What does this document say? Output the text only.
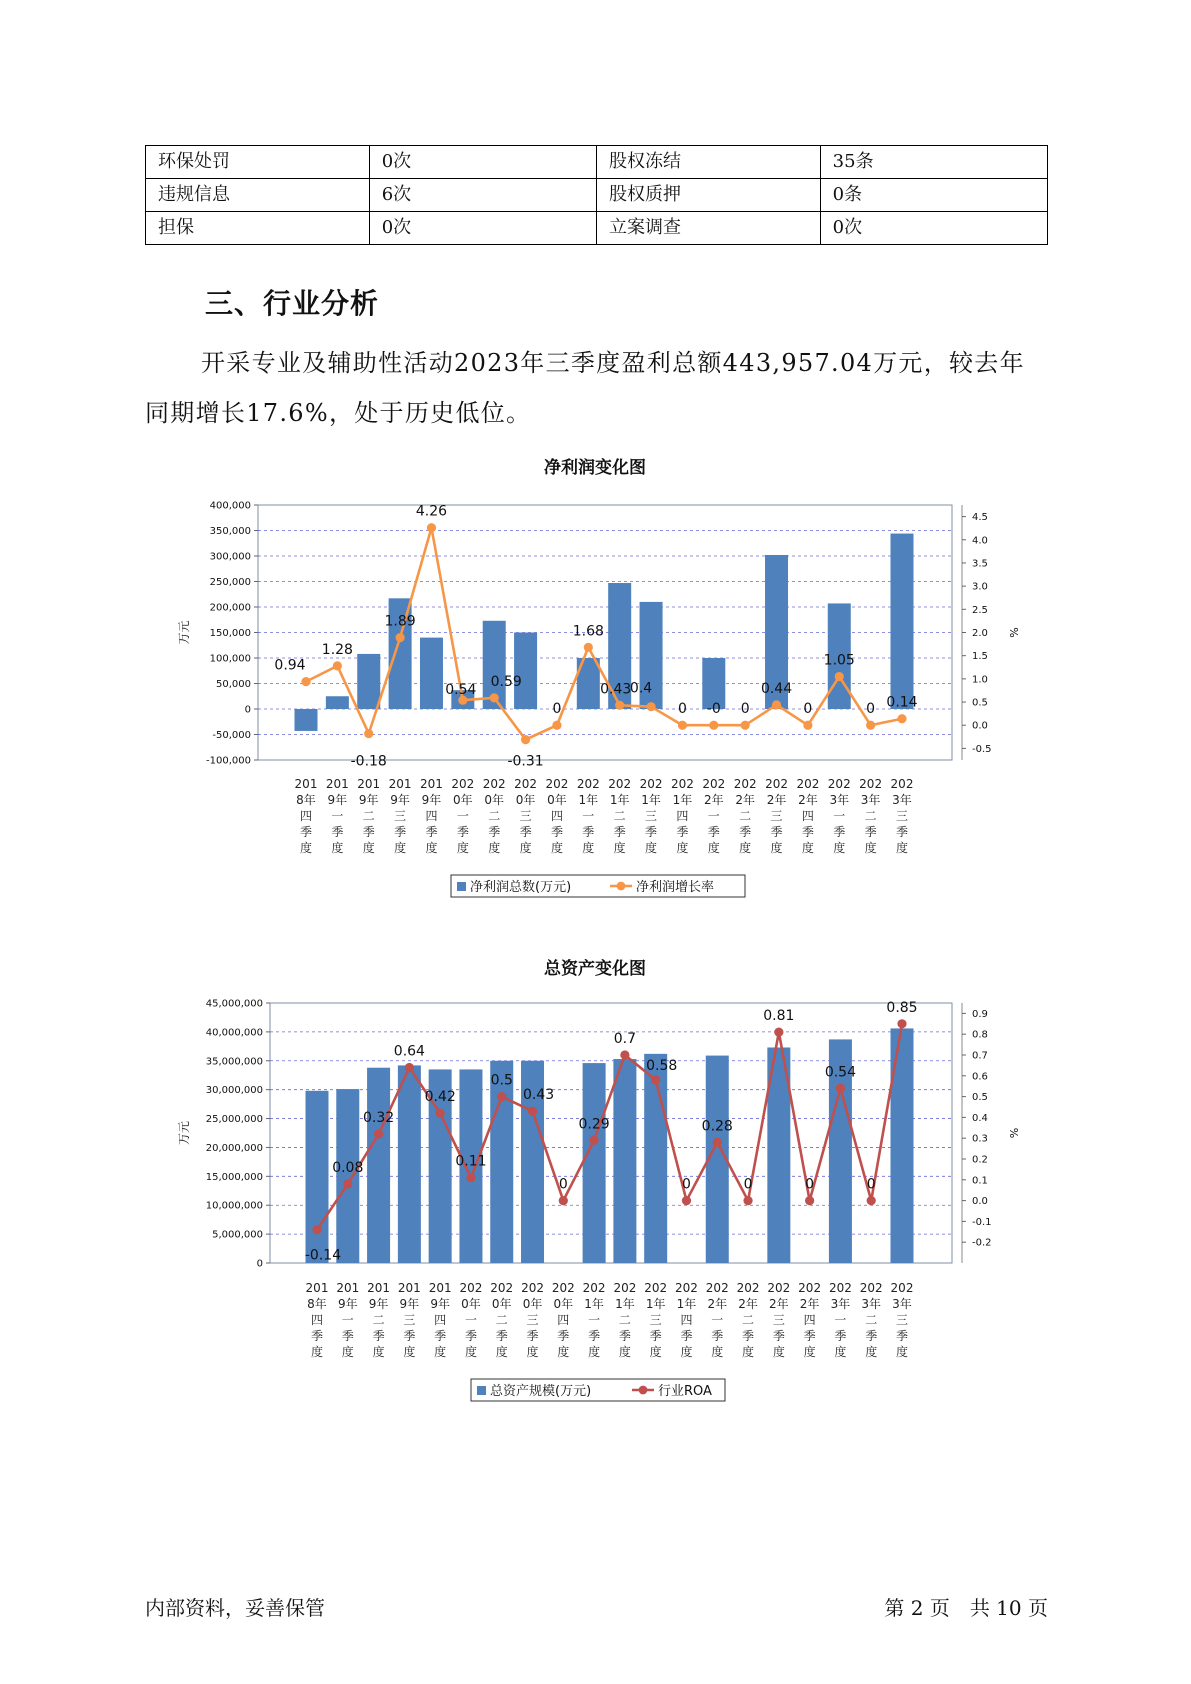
环保处罚	0次	股权冻结	35条
违规信息	6次	股权质押	0条
担保	0次	立案调查	0次
三、行业分析
开采专业及辅助性活动2023年三季度盈利总额443,957.04万元，较去年同期增长17.6%，处于历史低位。
净利润变化图
400,000
350,000
300,000
250,000
200,000
150,000
100,000
50,000
0
-50,000
-100,000
4.5
4.0
3.5
3.0
2.5
2.0
1.5
1.0
0.5
0.0
-0.5
万元	%
0.94
1.28
-0.18
1.89
4.26
0.54
0.59
-0.31
0
1.68
0.43
0.4
0 -0 0
0.44
0
1.05
0 0.14
201
8年
四
季
度
201
9年
一
季
度
201
9年
二
季
度
201
9年
三
季
度
201
9年
四
季
度
202
0年
一
季
度
202
0年
二
季
度
202
0年
三
季
度
202
0年
四
季
度
202
1年
一
季
度
202
1年
二
季
度
202
1年
三
季
度
202
1年
四
季
度
202
2年
一
季
度
202
2年
二
季
度
202
2年
三
季
度
202
2年
四
季
度
202
3年
一
季
度
202
3年
二
季
度
202
3年
三
季
度
净利润总数(万元)	净利润增长率
总资产变化图
45,000,000
40,000,000
35,000,000
30,000,000
25,000,000
20,000,000
15,000,000
10,000,000
5,000,000
0
0.9
0.8
0.7
0.6
0.5
0.4
0.3
0.2
0.1
0.0
-0.1
-0.2
万元	%
-0.14
0.08
0.32
0.64
0.42
0.11
0.5
0.43
0
0.29
0.7
0.58
0
0.28
0
0.81
0
0.54
0
0.85
201
8年
四
季
度
201
9年
一
季
度
201
9年
二
季
度
201
9年
三
季
度
201
9年
四
季
度
202
0年
一
季
度
202
0年
二
季
度
202
0年
三
季
度
202
0年
四
季
度
202
1年
一
季
度
202
1年
二
季
度
202
1年
三
季
度
202
1年
四
季
度
202
2年
一
季
度
202
2年
二
季
度
202
2年
三
季
度
202
2年
四
季
度
202
3年
一
季
度
202
3年
二
季
度
202
3年
三
季
度
总资产规模(万元)	行业ROA
内部资料，妥善保管	第 2 页　共 10 页
